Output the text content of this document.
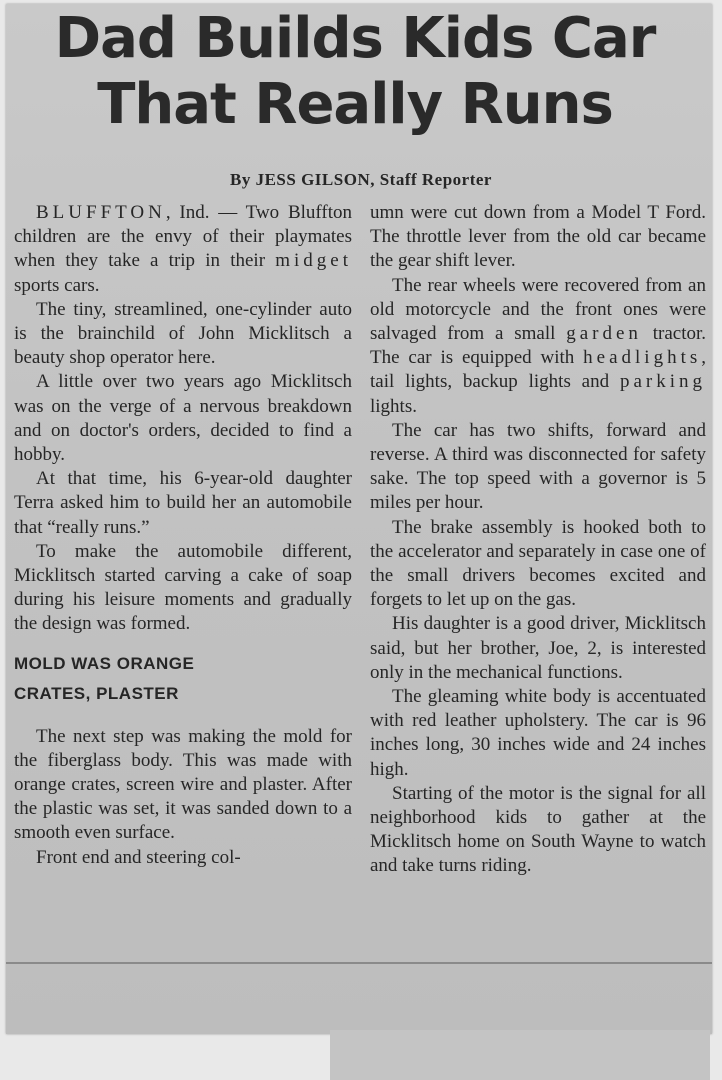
Dad Builds Kids Car
That Really Runs
By JESS GILSON, Staff Reporter

BLUFFTON, Ind. — Two Bluffton children are the envy of their playmates when they take a trip in their midget sports cars.

The tiny, streamlined, one-cylinder auto is the brainchild of John Micklitsch a beauty shop operator here.

A little over two years ago Micklitsch was on the verge of a nervous breakdown and on doctor's orders, decided to find a hobby.

At that time, his 6-year-old daughter Terra asked him to build her an automobile that “really runs.”

To make the automobile different, Micklitsch started carving a cake of soap during his leisure moments and gradually the design was formed.

MOLD WAS ORANGE
CRATES, PLASTER

The next step was making the mold for the fiberglass body. This was made with orange crates, screen wire and plaster. After the plastic was set, it was sanded down to a smooth even surface.

Front end and steering col-

umn were cut down from a Model T Ford. The throttle lever from the old car became the gear shift lever.

The rear wheels were recovered from an old motorcycle and the front ones were salvaged from a small garden tractor. The car is equipped with headlights, tail lights, backup lights and parking lights.

The car has two shifts, forward and reverse. A third was disconnected for safety sake. The top speed with a governor is 5 miles per hour.

The brake assembly is hooked both to the accelerator and separately in case one of the small drivers becomes excited and forgets to let up on the gas.

His daughter is a good driver, Micklitsch said, but her brother, Joe, 2, is interested only in the mechanical functions.

The gleaming white body is accentuated with red leather upholstery. The car is 96 inches long, 30 inches wide and 24 inches high.

Starting of the motor is the signal for all neighborhood kids to gather at the Micklitsch home on South Wayne to watch and take turns riding.
